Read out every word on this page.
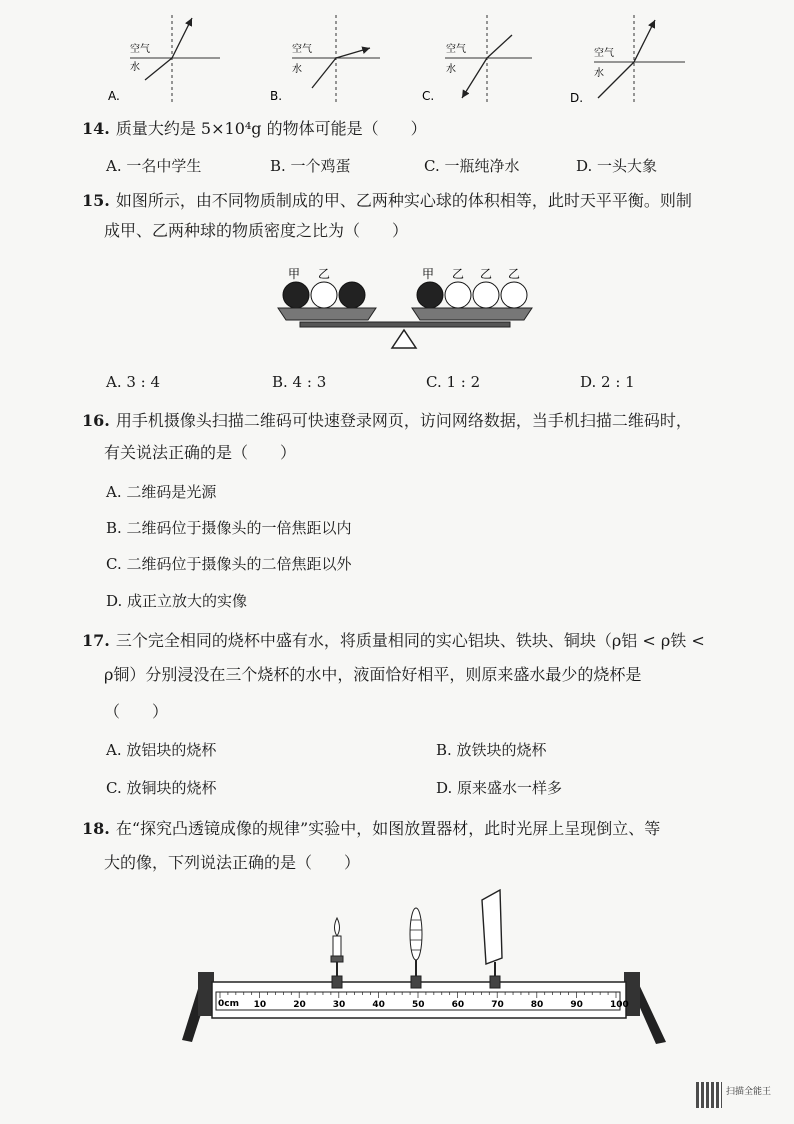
空气
水
A.
空气
水
B.
空气
水
C.
空气
水
D.
14. 质量大约是 5×10⁴g 的物体可能是（　　）
A. 一名中学生	B. 一个鸡蛋	C. 一瓶纯净水	D. 一头大象
15. 如图所示，由不同物质制成的甲、乙两种实心球的体积相等，此时天平平衡。则制
成甲、乙两种球的物质密度之比为（　　）
甲 乙	甲 乙 乙 乙
A. 3 : 4	B. 4 : 3	C. 1 : 2	D. 2 : 1
16. 用手机摄像头扫描二维码可快速登录网页，访问网络数据，当手机扫描二维码时，
有关说法正确的是（　　）
A. 二维码是光源
B. 二维码位于摄像头的一倍焦距以内
C. 二维码位于摄像头的二倍焦距以外
D. 成正立放大的实像
17. 三个完全相同的烧杯中盛有水，将质量相同的实心铝块、铁块、铜块（ρ铝 < ρ铁 <
ρ铜）分别浸没在三个烧杯的水中，液面恰好相平，则原来盛水最少的烧杯是
（　　）
A. 放铝块的烧杯	B. 放铁块的烧杯
C. 放铜块的烧杯	D. 原来盛水一样多
18. 在“探究凸透镜成像的规律”实验中，如图放置器材，此时光屏上呈现倒立、等
大的像，下列说法正确的是（　　）
0cm 10	20	30	40	50	60	70	80	90	100
扫描全能王
